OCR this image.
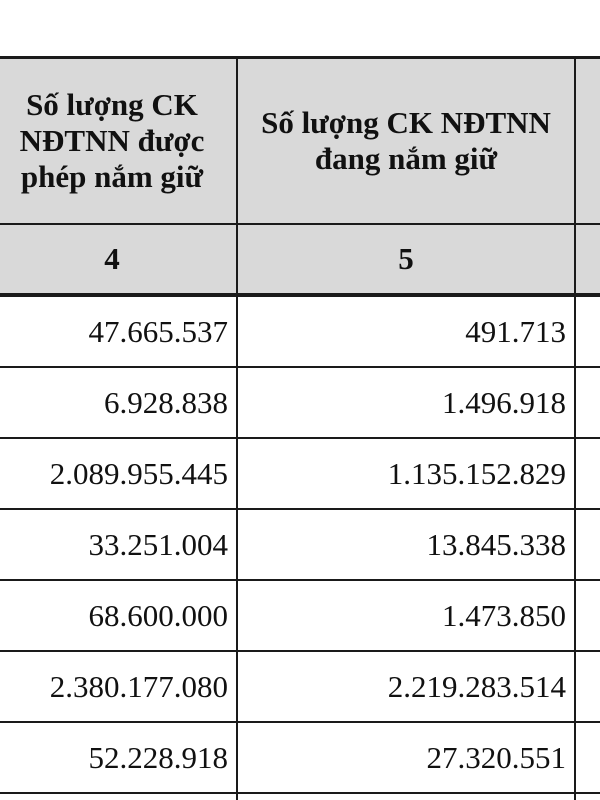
Số lượng CK NĐTNN được phép nắm giữ	Số lượng CK NĐTNN đang nắm giữ	

4	5	
47.665.537	491.713	
6.928.838	1.496.918	
2.089.955.445	1.135.152.829	
33.251.004	13.845.338	
68.600.000	1.473.850	
2.380.177.080	2.219.283.514	
52.228.918	27.320.551	
